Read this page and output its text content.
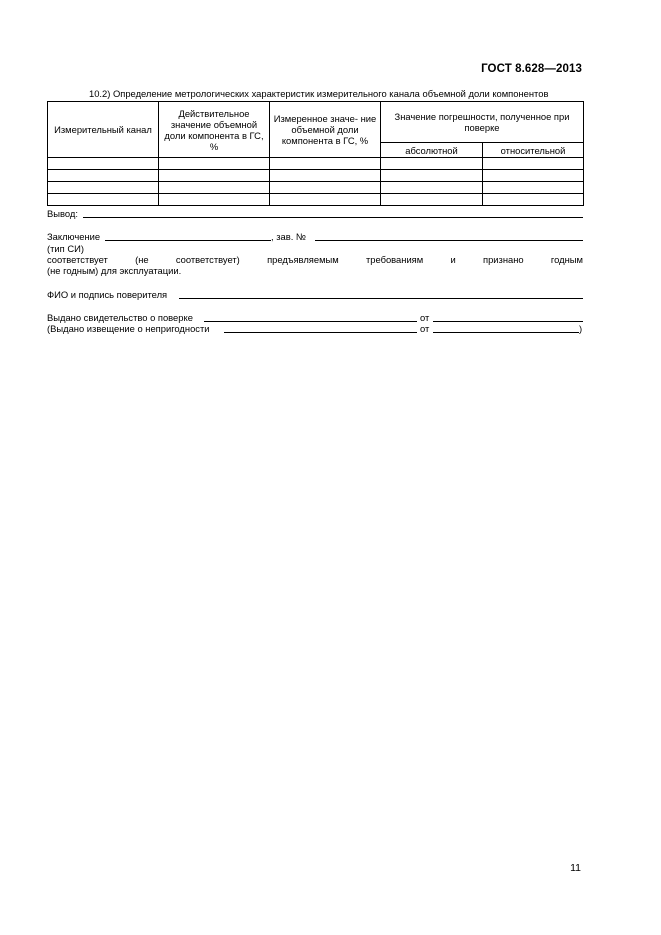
ГОСТ 8.628—2013
10.2) Определение метрологических характеристик измерительного канала объемной доли компонентов
Измерительный канал	Действительное значение объемной доли компонента в ГС, %	Измеренное значе- ние объемной доли компонента в ГС, %	Значение погрешности, полученное при поверке	
			абсолютной	относительной

Вывод:
Заключение	, зав. №
(тип СИ)
соответствует	(не	соответствует)	предъявляемым	требованиям	и	признано	годным
(не годным) для эксплуатации.
ФИО и подпись поверителя
Выдано свидетельство о поверке	от
(Выдано извещение о непригодности	от	)
11
